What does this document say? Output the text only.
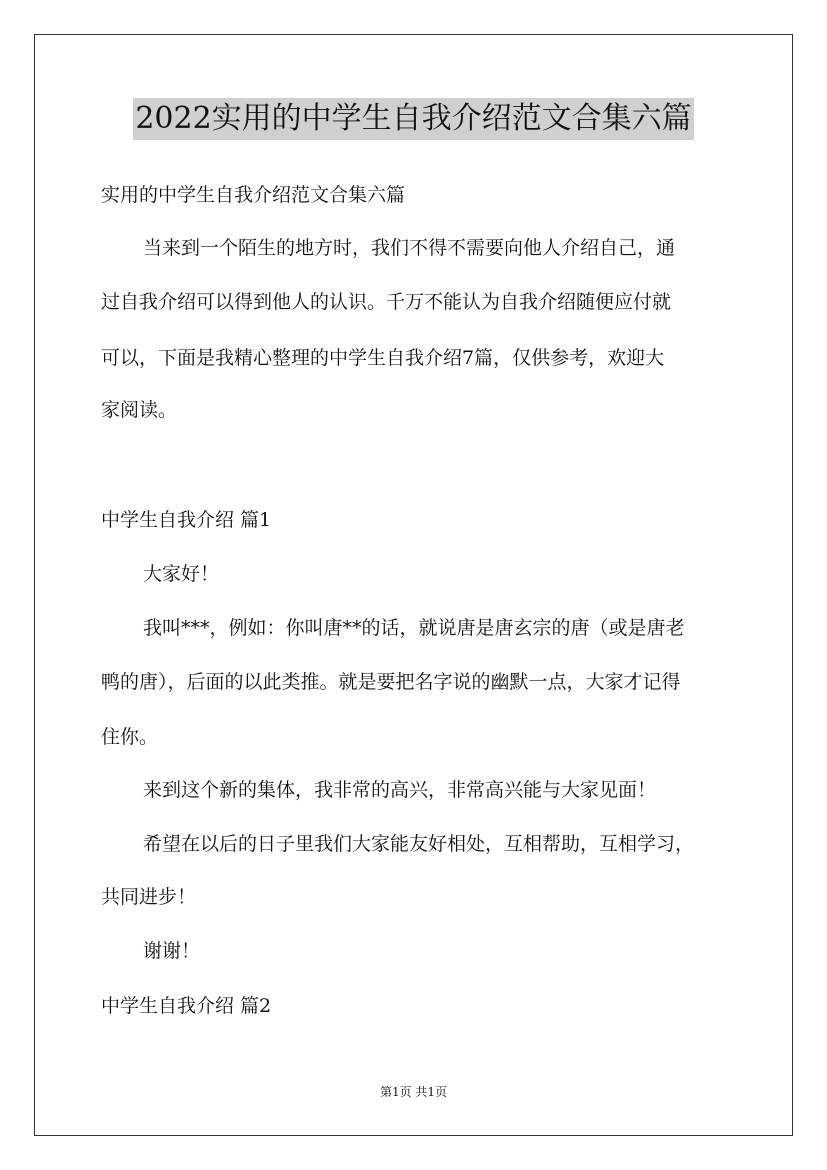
2022实用的中学生自我介绍范文合集六篇
实用的中学生自我介绍范文合集六篇
当来到一个陌生的地方时，我们不得不需要向他人介绍自己，通
过自我介绍可以得到他人的认识。千万不能认为自我介绍随便应付就
可以，下面是我精心整理的中学生自我介绍7篇，仅供参考，欢迎大
家阅读。
中学生自我介绍 篇1
大家好！
我叫***，例如：你叫唐**的话，就说唐是唐玄宗的唐（或是唐老
鸭的唐），后面的以此类推。就是要把名字说的幽默一点，大家才记得
住你。
来到这个新的集体，我非常的高兴，非常高兴能与大家见面！
希望在以后的日子里我们大家能友好相处，互相帮助，互相学习，
共同进步！
谢谢！
中学生自我介绍 篇2
第1页 共1页
